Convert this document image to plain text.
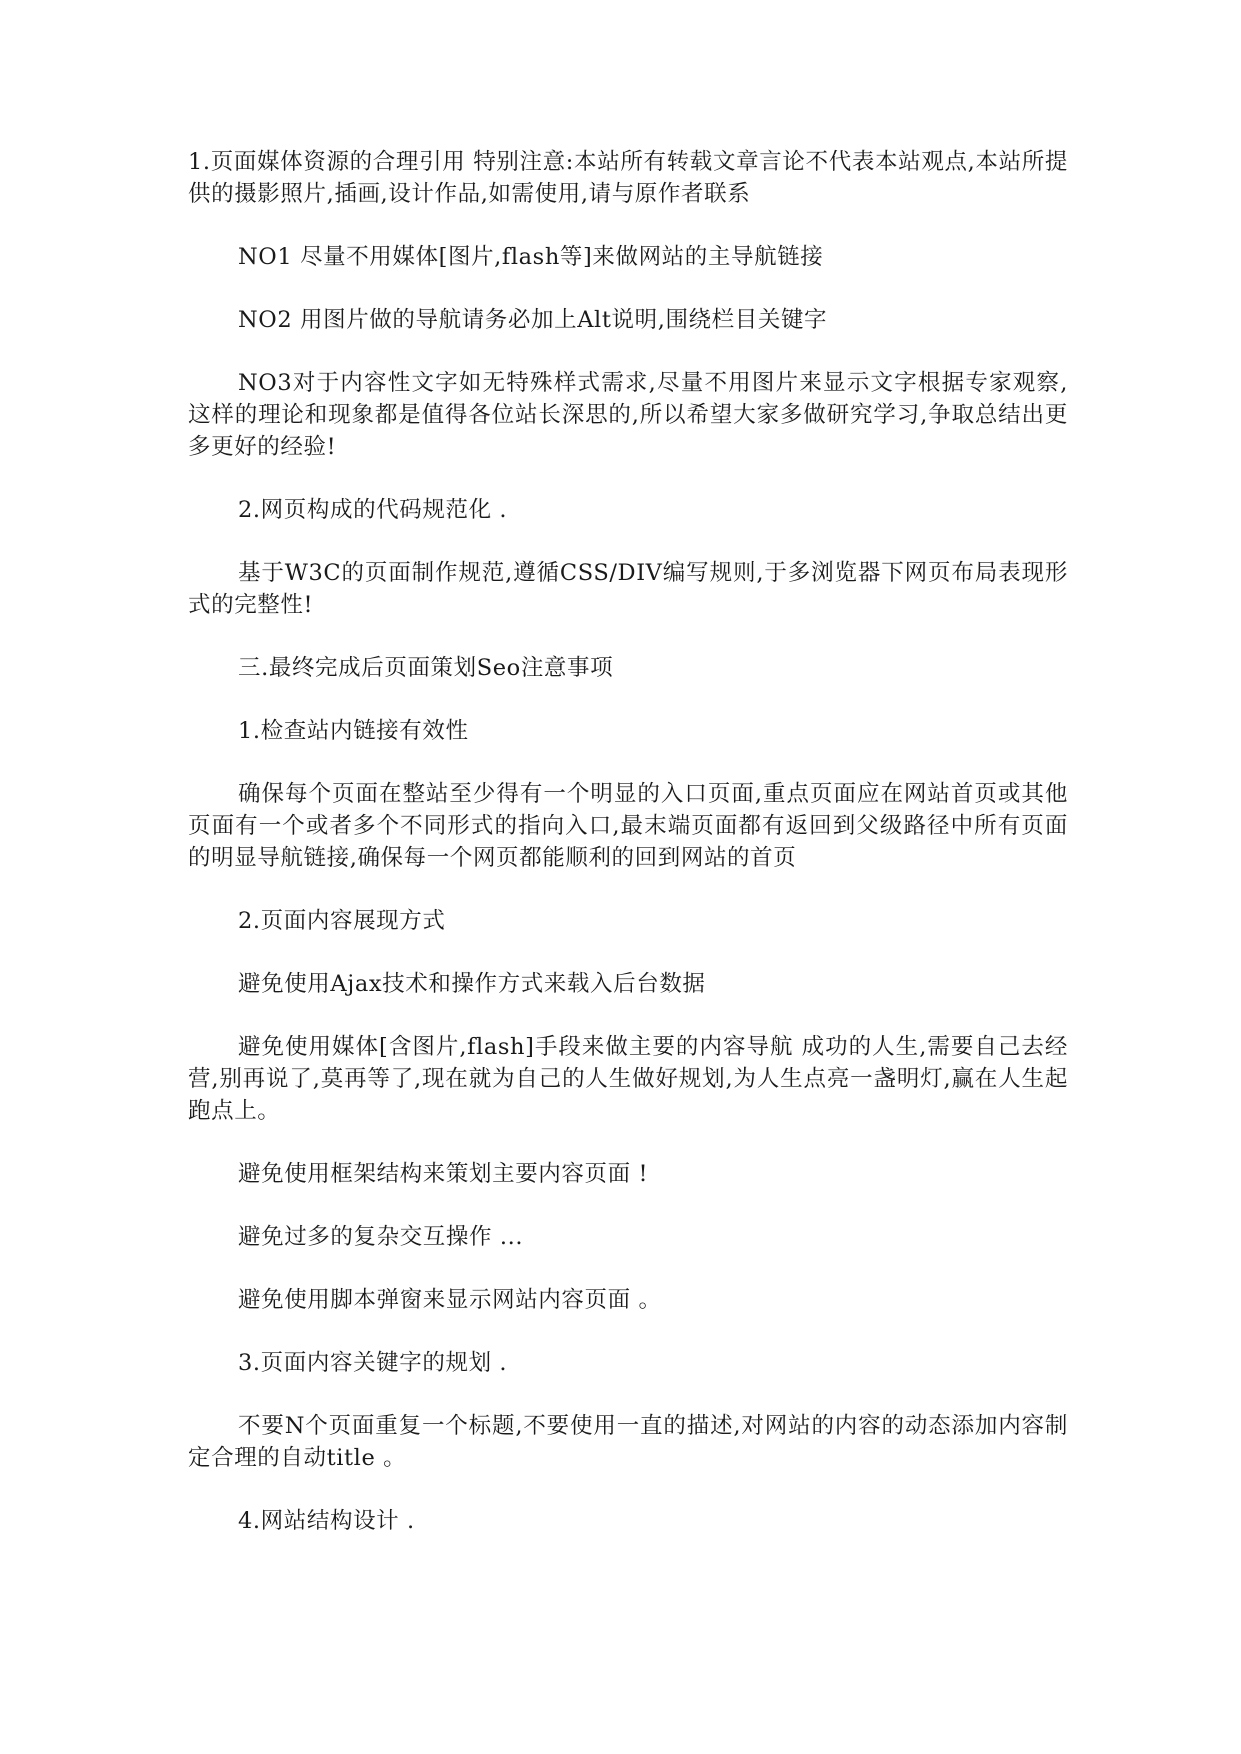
1.页面媒体资源的合理引用 特别注意:本站所有转载文章言论不代表本站观点,本站所提供的摄影照片,插画,设计作品,如需使用,请与原作者联系

NO1 尽量不用媒体[图片,flash等]来做网站的主导航链接

NO2 用图片做的导航请务必加上Alt说明,围绕栏目关键字

NO3对于内容性文字如无特殊样式需求,尽量不用图片来显示文字根据专家观察,这样的理论和现象都是值得各位站长深思的,所以希望大家多做研究学习,争取总结出更多更好的经验!

2.网页构成的代码规范化 .

基于W3C的页面制作规范,遵循CSS/DIV编写规则,于多浏览器下网页布局表现形式的完整性!

三.最终完成后页面策划Seo注意事项

1.检查站内链接有效性

确保每个页面在整站至少得有一个明显的入口页面,重点页面应在网站首页或其他页面有一个或者多个不同形式的指向入口,最末端页面都有返回到父级路径中所有页面的明显导航链接,确保每一个网页都能顺利的回到网站的首页

2.页面内容展现方式

避免使用Ajax技术和操作方式来载入后台数据

避免使用媒体[含图片,flash]手段来做主要的内容导航 成功的人生,需要自己去经营,别再说了,莫再等了,现在就为自己的人生做好规划,为人生点亮一盏明灯,赢在人生起跑点上。

避免使用框架结构来策划主要内容页面 !

避免过多的复杂交互操作 ...

避免使用脚本弹窗来显示网站内容页面 。

3.页面内容关键字的规划 .

不要N个页面重复一个标题,不要使用一直的描述,对网站的内容的动态添加内容制定合理的自动title 。

4.网站结构设计 .
